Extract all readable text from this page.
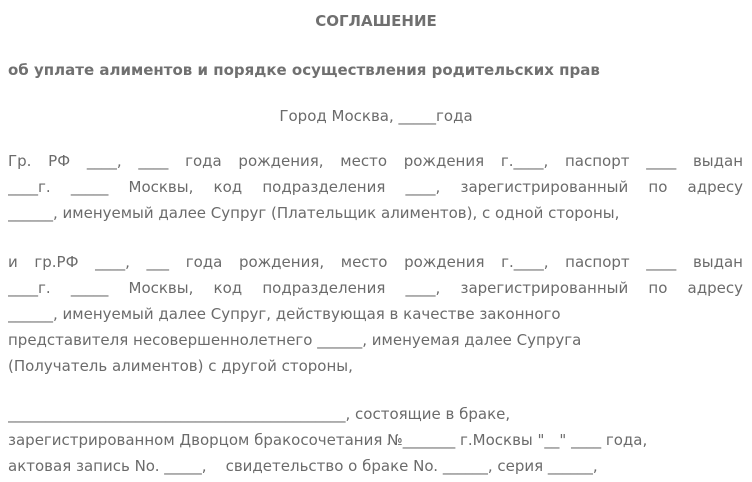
СОГЛАШЕНИЕ
об уплате алиментов и порядке осуществления родительских прав
Город Москва, _____года
Гр. РФ ____, ____ года рождения, место рождения г.____, паспорт ____ выдан
____г. _____ Москвы, код подразделения ____, зарегистрированный по адресу
______, именуемый далее Супруг (Плательщик алиментов), с одной стороны,
и гр.РФ ____, ___ года рождения, место рождения г.____, паспорт ____ выдан
____г. _____ Москвы, код подразделения ____, зарегистрированный по адресу
______, именуемый далее Супруг, действующая в качестве законного
представителя несовершеннолетнего ______, именуемая далее Супруга
(Получатель алиментов) с другой стороны,
_____________________________________________, состоящие в браке,
зарегистрированном Дворцом бракосочетания №_______ г.Москвы "__" ____ года,
актовая запись No. _____,    свидетельство о браке No. ______, серия ______,
